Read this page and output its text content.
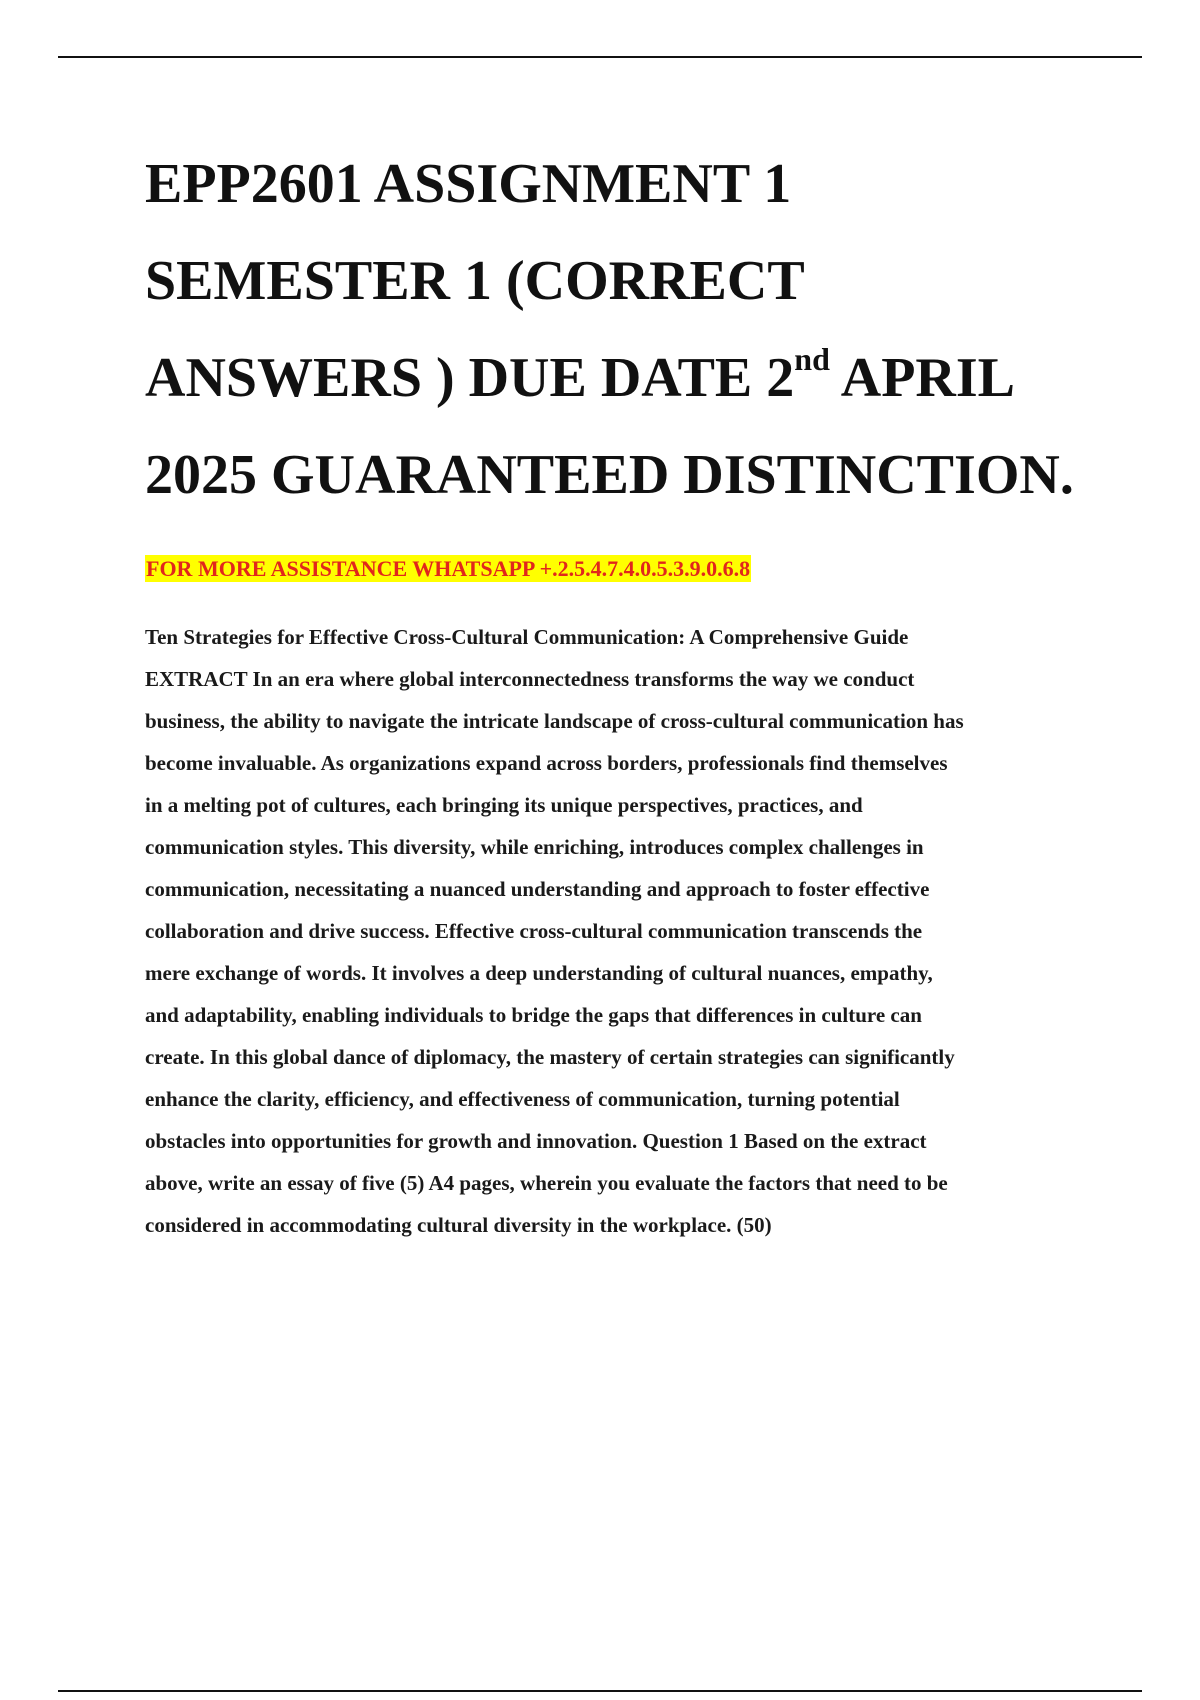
EPP2601 ASSIGNMENT 1
SEMESTER 1 (CORRECT
ANSWERS ) DUE DATE 2nd APRIL
2025 GUARANTEED DISTINCTION.

FOR MORE ASSISTANCE WHATSAPP +.2.5.4.7.4.0.5.3.9.0.6.8

Ten Strategies for Effective Cross-Cultural Communication: A Comprehensive Guide
EXTRACT In an era where global interconnectedness transforms the way we conduct
business, the ability to navigate the intricate landscape of cross-cultural communication has
become invaluable. As organizations expand across borders, professionals find themselves
in a melting pot of cultures, each bringing its unique perspectives, practices, and
communication styles. This diversity, while enriching, introduces complex challenges in
communication, necessitating a nuanced understanding and approach to foster effective
collaboration and drive success. Effective cross-cultural communication transcends the
mere exchange of words. It involves a deep understanding of cultural nuances, empathy,
and adaptability, enabling individuals to bridge the gaps that differences in culture can
create. In this global dance of diplomacy, the mastery of certain strategies can significantly
enhance the clarity, efficiency, and effectiveness of communication, turning potential
obstacles into opportunities for growth and innovation. Question 1 Based on the extract
above, write an essay of five (5) A4 pages, wherein you evaluate the factors that need to be
considered in accommodating cultural diversity in the workplace. (50)
